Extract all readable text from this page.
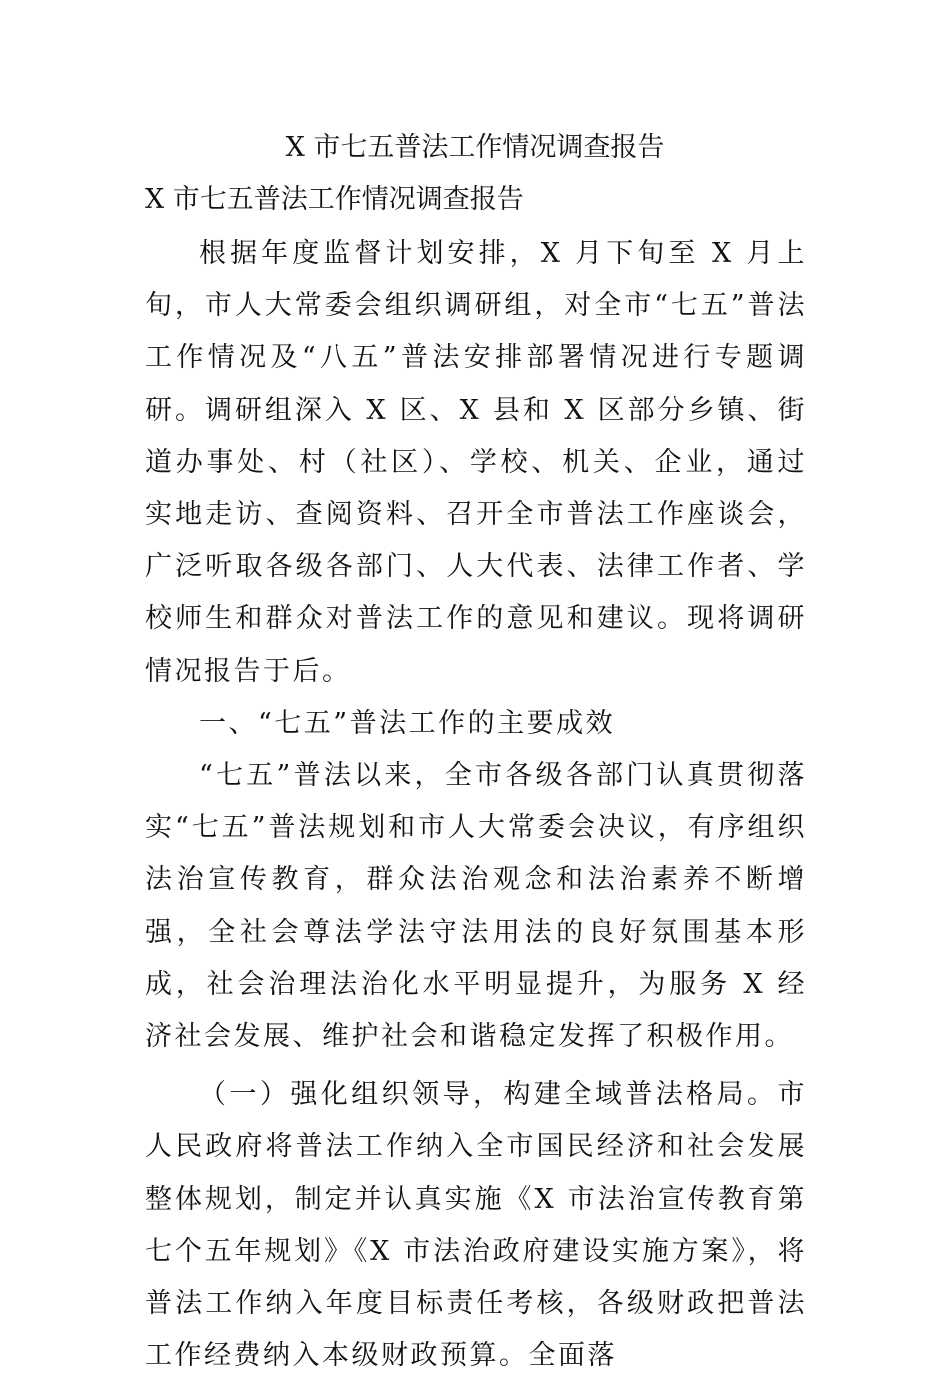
X 市七五普法工作情况调查报告
X 市七五普法工作情况调查报告

根据年度监督计划安排，X 月下旬至 X 月上旬，市人大常委会组织调研组，对全市“七五”普法工作情况及“八五”普法安排部署情况进行专题调研。调研组深入 X 区、X 县和 X 区部分乡镇、街道办事处、村（社区）、学校、机关、企业，通过实地走访、查阅资料、召开全市普法工作座谈会，广泛听取各级各部门、人大代表、法律工作者、学校师生和群众对普法工作的意见和建议。现将调研情况报告于后。

一、“七五”普法工作的主要成效

“七五”普法以来，全市各级各部门认真贯彻落实“七五”普法规划和市人大常委会决议，有序组织法治宣传教育，群众法治观念和法治素养不断增强，全社会尊法学法守法用法的良好氛围基本形成，社会治理法治化水平明显提升，为服务 X 经济社会发展、维护社会和谐稳定发挥了积极作用。

（一）强化组织领导，构建全域普法格局。市人民政府将普法工作纳入全市国民经济和社会发展整体规划，制定并认真实施《X 市法治宣传教育第七个五年规划》《X 市法治政府建设实施方案》，将普法工作纳入年度目标责任考核，各级财政把普法工作经费纳入本级财政预算。全面落
